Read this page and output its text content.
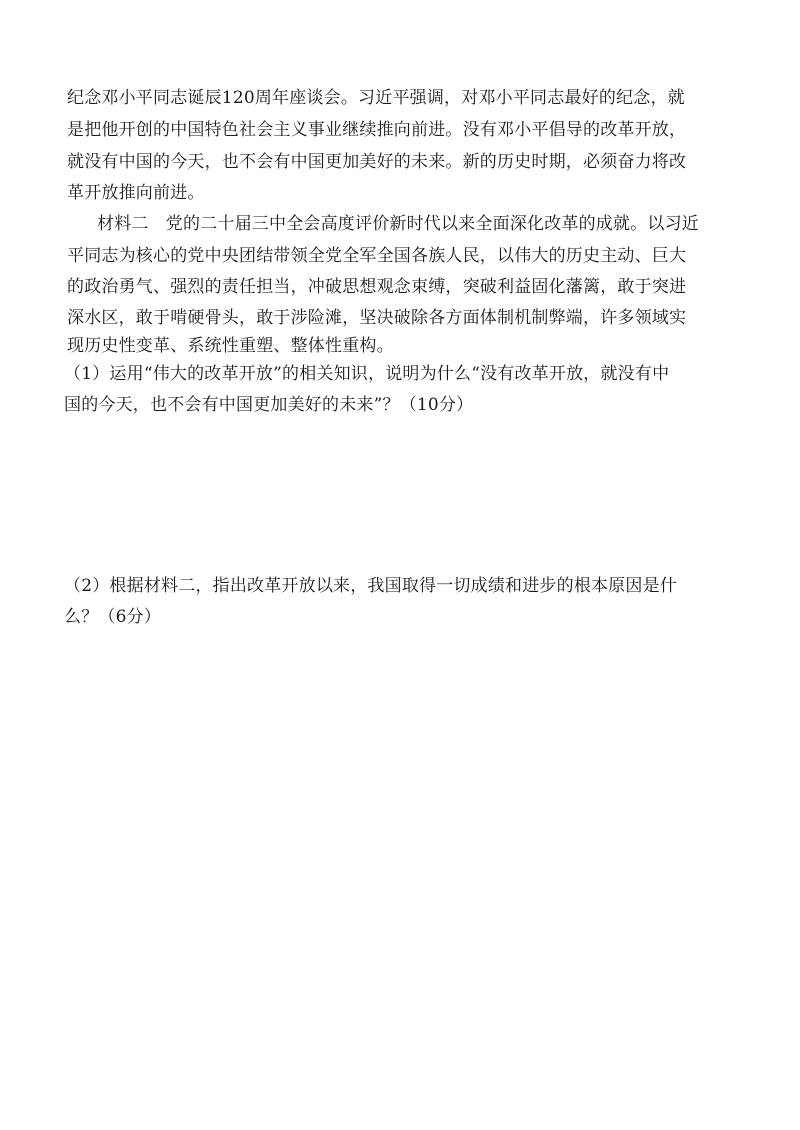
纪念邓小平同志诞辰120周年座谈会。习近平强调，对邓小平同志最好的纪念，就
是把他开创的中国特色社会主义事业继续推向前进。没有邓小平倡导的改革开放，
就没有中国的今天，也不会有中国更加美好的未来。新的历史时期，必须奋力将改
革开放推向前进。
材料二　党的二十届三中全会高度评价新时代以来全面深化改革的成就。以习近
平同志为核心的党中央团结带领全党全军全国各族人民，以伟大的历史主动、巨大
的政治勇气、强烈的责任担当，冲破思想观念束缚，突破利益固化藩篱，敢于突进
深水区，敢于啃硬骨头，敢于涉险滩，坚决破除各方面体制机制弊端，许多领域实
现历史性变革、系统性重塑、整体性重构。
（1）运用“伟大的改革开放”的相关知识，说明为什么“没有改革开放，就没有中
国的今天，也不会有中国更加美好的未来”？（10分）
（2）根据材料二，指出改革开放以来，我国取得一切成绩和进步的根本原因是什
么？（6分）
